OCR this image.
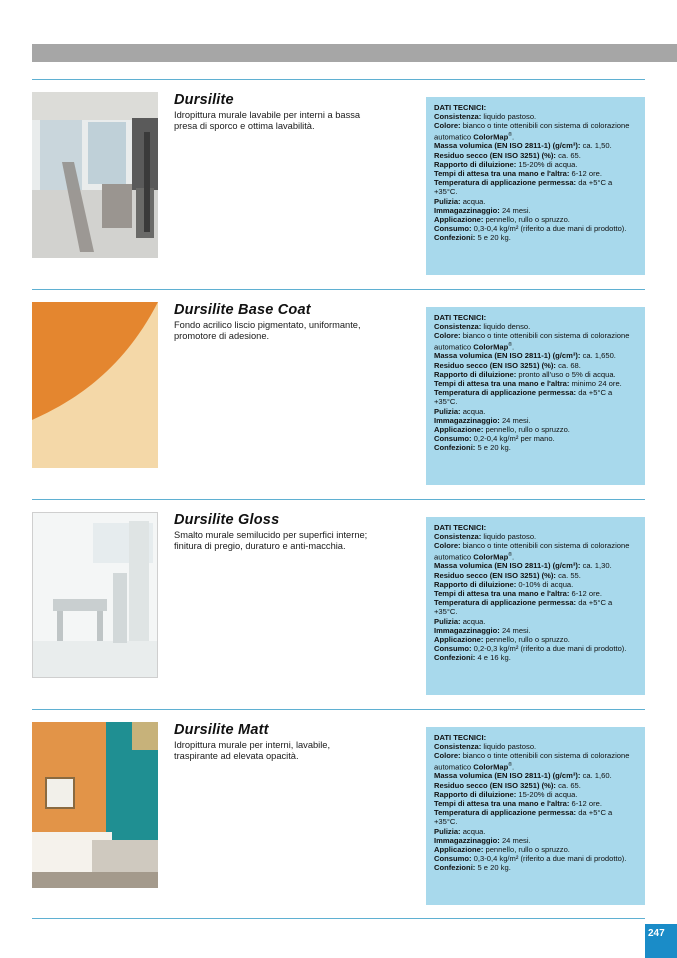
Dursilite

Idropittura murale lavabile per interni a bassa presa di sporco e ottima lavabilità.

DATI TECNICI:
Consistenza: liquido pastoso.
Colore: bianco o tinte ottenibili con sistema di colorazione automatico ColorMap®.
Massa volumica (EN ISO 2811-1) (g/cm³): ca. 1,50.
Residuo secco (EN ISO 3251) (%): ca. 65.
Rapporto di diluizione: 15-20% di acqua.
Tempi di attesa tra una mano e l'altra: 6-12 ore.
Temperatura di applicazione permessa: da +5°C a +35°C.
Pulizia: acqua.
Immagazzinaggio: 24 mesi.
Applicazione: pennello, rullo o spruzzo.
Consumo: 0,3-0,4 kg/m² (riferito a due mani di prodotto).
Confezioni: 5 e 20 kg.
Dursilite Base Coat

Fondo acrilico liscio pigmentato, uniformante, promotore di adesione.

DATI TECNICI:
Consistenza: liquido denso.
Colore: bianco o tinte ottenibili con sistema di colorazione automatico ColorMap®.
Massa volumica (EN ISO 2811-1) (g/cm³): ca. 1,650.
Residuo secco (EN ISO 3251) (%): ca. 68.
Rapporto di diluizione: pronto all'uso o 5% di acqua.
Tempi di attesa tra una mano e l'altra: minimo 24 ore.
Temperatura di applicazione permessa: da +5°C a +35°C.
Pulizia: acqua.
Immagazzinaggio: 24 mesi.
Applicazione: pennello, rullo o spruzzo.
Consumo: 0,2-0,4 kg/m² per mano.
Confezioni: 5 e 20 kg.
Dursilite Gloss

Smalto murale semilucido per superfici interne; finitura di pregio, duraturo e anti-macchia.

DATI TECNICI:
Consistenza: liquido pastoso.
Colore: bianco o tinte ottenibili con sistema di colorazione automatico ColorMap®.
Massa volumica (EN ISO 2811-1) (g/cm³): ca. 1,30.
Residuo secco (EN ISO 3251) (%): ca. 55.
Rapporto di diluizione: 0-10% di acqua.
Tempi di attesa tra una mano e l'altra: 6-12 ore.
Temperatura di applicazione permessa: da +5°C a +35°C.
Pulizia: acqua.
Immagazzinaggio: 24 mesi.
Applicazione: pennello, rullo o spruzzo.
Consumo: 0,2-0,3 kg/m² (riferito a due mani di prodotto).
Confezioni: 4 e 16 kg.
Dursilite Matt

Idropittura murale per interni, lavabile, traspirante ad elevata opacità.

DATI TECNICI:
Consistenza: liquido pastoso.
Colore: bianco o tinte ottenibili con sistema di colorazione automatico ColorMap®.
Massa volumica (EN ISO 2811-1) (g/cm³): ca. 1,60.
Residuo secco (EN ISO 3251) (%): ca. 65.
Rapporto di diluizione: 15-20% di acqua.
Tempi di attesa tra una mano e l'altra: 6-12 ore.
Temperatura di applicazione permessa: da +5°C a +35°C.
Pulizia: acqua.
Immagazzinaggio: 24 mesi.
Applicazione: pennello, rullo o spruzzo.
Consumo: 0,3-0,4 kg/m² (riferito a due mani di prodotto).
Confezioni: 5 e 20 kg.
247
